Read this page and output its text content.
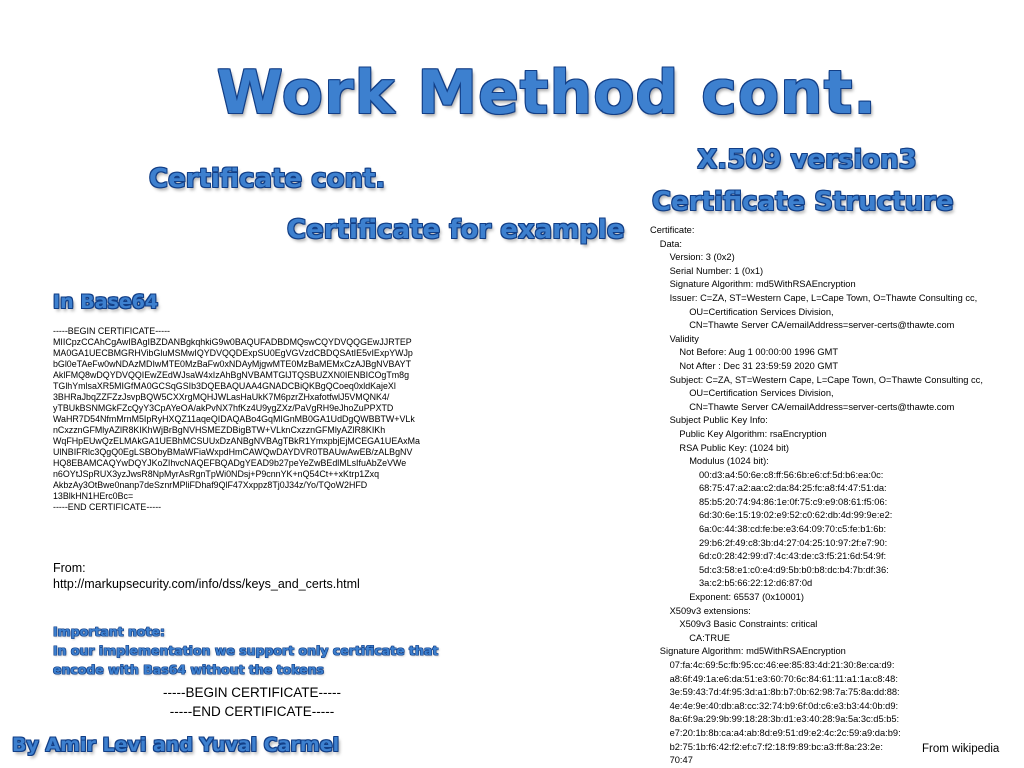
Work Method cont.
Certificate cont.
Certificate for example
X.509 version3
Certificate Structure
In Base64
-----BEGIN CERTIFICATE-----
MIICpzCCAhCgAwIBAgIBZDANBgkqhkiG9w0BAQUFADBDMQswCQYDVQQGEwJJRTEP
MA0GA1UECBMGRHVibGluMSMwIQYDVQQDExpSU0EgVGVzdCBDQSAtIE5vIExpYWJp
bGl0eTAeFw0wNDAzMDIwMTE0MzBaFw0xNDAyMjgwMTE0MzBaMEMxCzAJBgNVBAYT
AklFMQ8wDQYDVQQIEwZEdWJsaW4xIzAhBgNVBAMTGlJTQSBUZXN0IENBICOgTm8g
TGlhYmlsaXR5MIGfMA0GCSqGSIb3DQEBAQUAA4GNADCBiQKBgQCoeq0xldKajeXl
3BHRaJbqZZFZzJsvpBQW5CXXrgMQHJWLasHaUkK7M6pzrZHxafotfwlJ5VMQNK4/
yTBUkBSNMGkFZcQyY3CpAYeOA/akPvNX7hfKz4U9ygZXz/PaVgRH9eJhoZuPPXTD
WaHR7D54NfmMrnM5IpRyHXQZ11aqeQIDAQABo4GqMIGnMB0GA1UdDgQWBBTW+VLk
nCxzznGFMlyAZlR8KIKhWjBrBgNVHSMEZDBigBTW+VLknCxzznGFMlyAZlR8KIKh
WqFHpEUwQzELMAkGA1UEBhMCSUUxDzANBgNVBAgTBkR1YmxpbjEjMCEGA1UEAxMa
UlNBIFRlc3QgQ0EgLSBObyBMaWFiaWxpdHmCAWQwDAYDVR0TBAUwAwEB/zALBgNV
HQ8EBAMCAQYwDQYJKoZIhvcNAQEFBQADgYEAD9b27peYeZwBEdlMLsIfuAbZeVWe
n6OYtJSpRUX3yzJwsR8NpMyrAsRgnTpWi0NDsj+P9cnnYK+nQ54Ct++xKtrp1Zxq
AkbzAy3OtBwe0nanp7deSznrMPliFDhaf9QlF47Xxppz8Tj0J34z/Yo/TQoW2HFD
13BlkHN1HErc0Bc=
-----END CERTIFICATE-----
From:
http://markupsecurity.com/info/dss/keys_and_certs.html
Important note:
In our implementation we support only certificate that
encode with Bas64 without the tokens
-----BEGIN CERTIFICATE-----
-----END CERTIFICATE-----
Certificate:
Data:
Version: 3 (0x2)
Serial Number: 1 (0x1)
Signature Algorithm: md5WithRSAEncryption
Issuer: C=ZA, ST=Western Cape, L=Cape Town, O=Thawte Consulting cc,
OU=Certification Services Division,
CN=Thawte Server CA/emailAddress=server-certs@thawte.com
Validity
Not Before: Aug 1 00:00:00 1996 GMT
Not After : Dec 31 23:59:59 2020 GMT
Subject: C=ZA, ST=Western Cape, L=Cape Town, O=Thawte Consulting cc,
OU=Certification Services Division,
CN=Thawte Server CA/emailAddress=server-certs@thawte.com
Subject Public Key Info:
Public Key Algorithm: rsaEncryption
RSA Public Key: (1024 bit)
Modulus (1024 bit):
00:d3:a4:50:6e:c8:ff:56:6b:e6:cf:5d:b6:ea:0c:
68:75:47:a2:aa:c2:da:84:25:fc:a8:f4:47:51:da:
85:b5:20:74:94:86:1e:0f:75:c9:e9:08:61:f5:06:
6d:30:6e:15:19:02:e9:52:c0:62:db:4d:99:9e:e2:
6a:0c:44:38:cd:fe:be:e3:64:09:70:c5:fe:b1:6b:
29:b6:2f:49:c8:3b:d4:27:04:25:10:97:2f:e7:90:
6d:c0:28:42:99:d7:4c:43:de:c3:f5:21:6d:54:9f:
5d:c3:58:e1:c0:e4:d9:5b:b0:b8:dc:b4:7b:df:36:
3a:c2:b5:66:22:12:d6:87:0d
Exponent: 65537 (0x10001)
X509v3 extensions:
X509v3 Basic Constraints: critical
CA:TRUE
Signature Algorithm: md5WithRSAEncryption
07:fa:4c:69:5c:fb:95:cc:46:ee:85:83:4d:21:30:8e:ca:d9:
a8:6f:49:1a:e6:da:51:e3:60:70:6c:84:61:11:a1:1a:c8:48:
3e:59:43:7d:4f:95:3d:a1:8b:b7:0b:62:98:7a:75:8a:dd:88:
4e:4e:9e:40:db:a8:cc:32:74:b9:6f:0d:c6:e3:b3:44:0b:d9:
8a:6f:9a:29:9b:99:18:28:3b:d1:e3:40:28:9a:5a:3c:d5:b5:
e7:20:1b:8b:ca:a4:ab:8d:e9:51:d9:e2:4c:2c:59:a9:da:b9:
b2:75:1b:f6:42:f2:ef:c7:f2:18:f9:89:bc:a3:ff:8a:23:2e:
70:47
By Amir Levi and Yuval Carmel	From wikipedia
